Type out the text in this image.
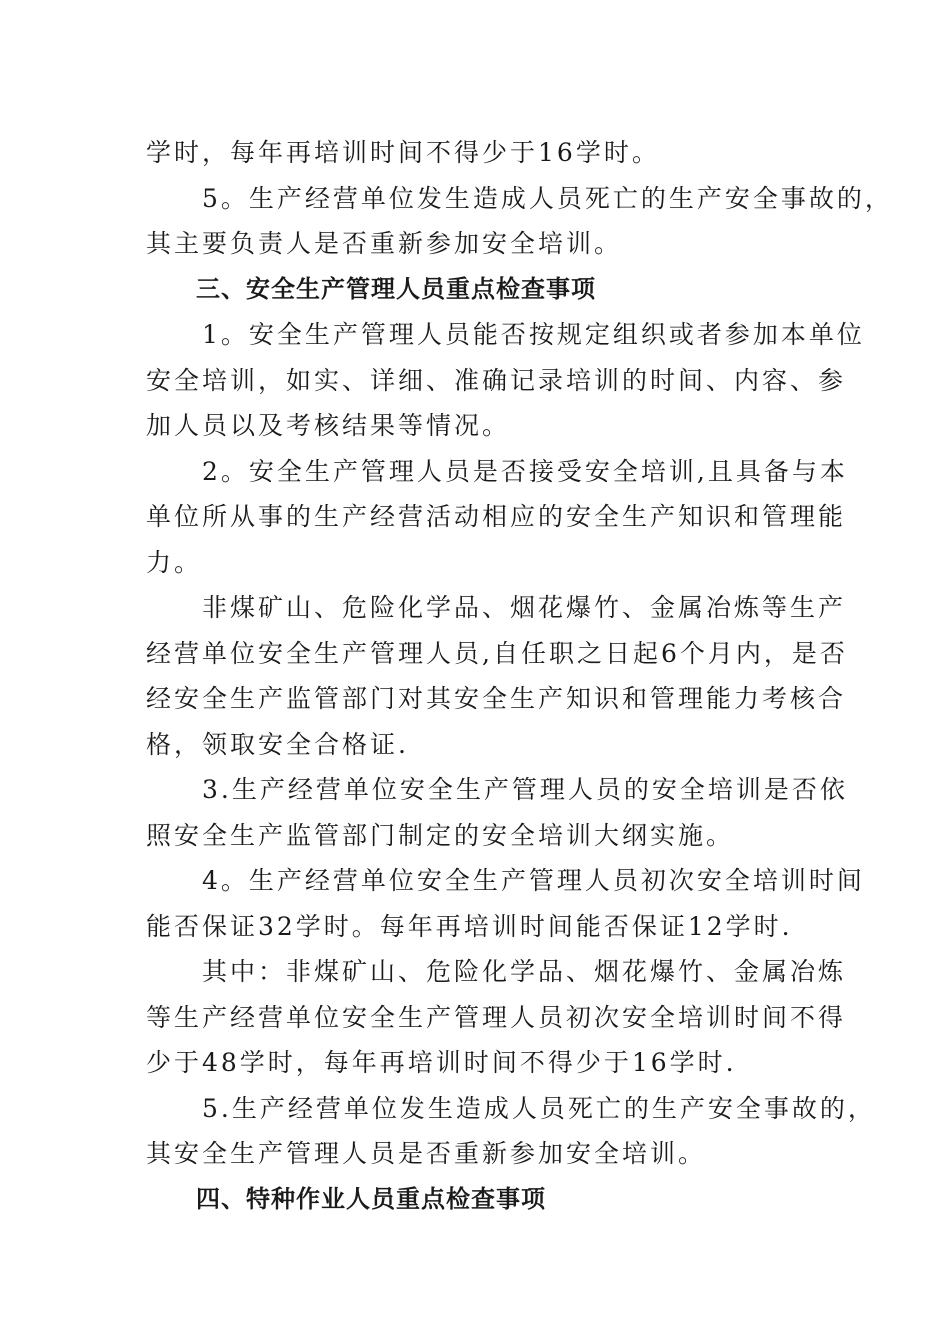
学时，每年再培训时间不得少于16学时。

　　5。生产经营单位发生造成人员死亡的生产安全事故的，

其主要负责人是否重新参加安全培训。

　　三、安全生产管理人员重点检查事项

　　1。安全生产管理人员能否按规定组织或者参加本单位

安全培训，如实、详细、准确记录培训的时间、内容、参

加人员以及考核结果等情况。

　　2。安全生产管理人员是否接受安全培训,且具备与本

单位所从事的生产经营活动相应的安全生产知识和管理能

力。

　　非煤矿山、危险化学品、烟花爆竹、金属冶炼等生产

经营单位安全生产管理人员,自任职之日起6个月内，是否

经安全生产监管部门对其安全生产知识和管理能力考核合

格，领取安全合格证.

　　3.生产经营单位安全生产管理人员的安全培训是否依

照安全生产监管部门制定的安全培训大纲实施。

　　4。生产经营单位安全生产管理人员初次安全培训时间

能否保证32学时。每年再培训时间能否保证12学时.

　　其中：非煤矿山、危险化学品、烟花爆竹、金属冶炼

等生产经营单位安全生产管理人员初次安全培训时间不得

少于48学时，每年再培训时间不得少于16学时.

　　5.生产经营单位发生造成人员死亡的生产安全事故的，

其安全生产管理人员是否重新参加安全培训。

　　四、特种作业人员重点检查事项
